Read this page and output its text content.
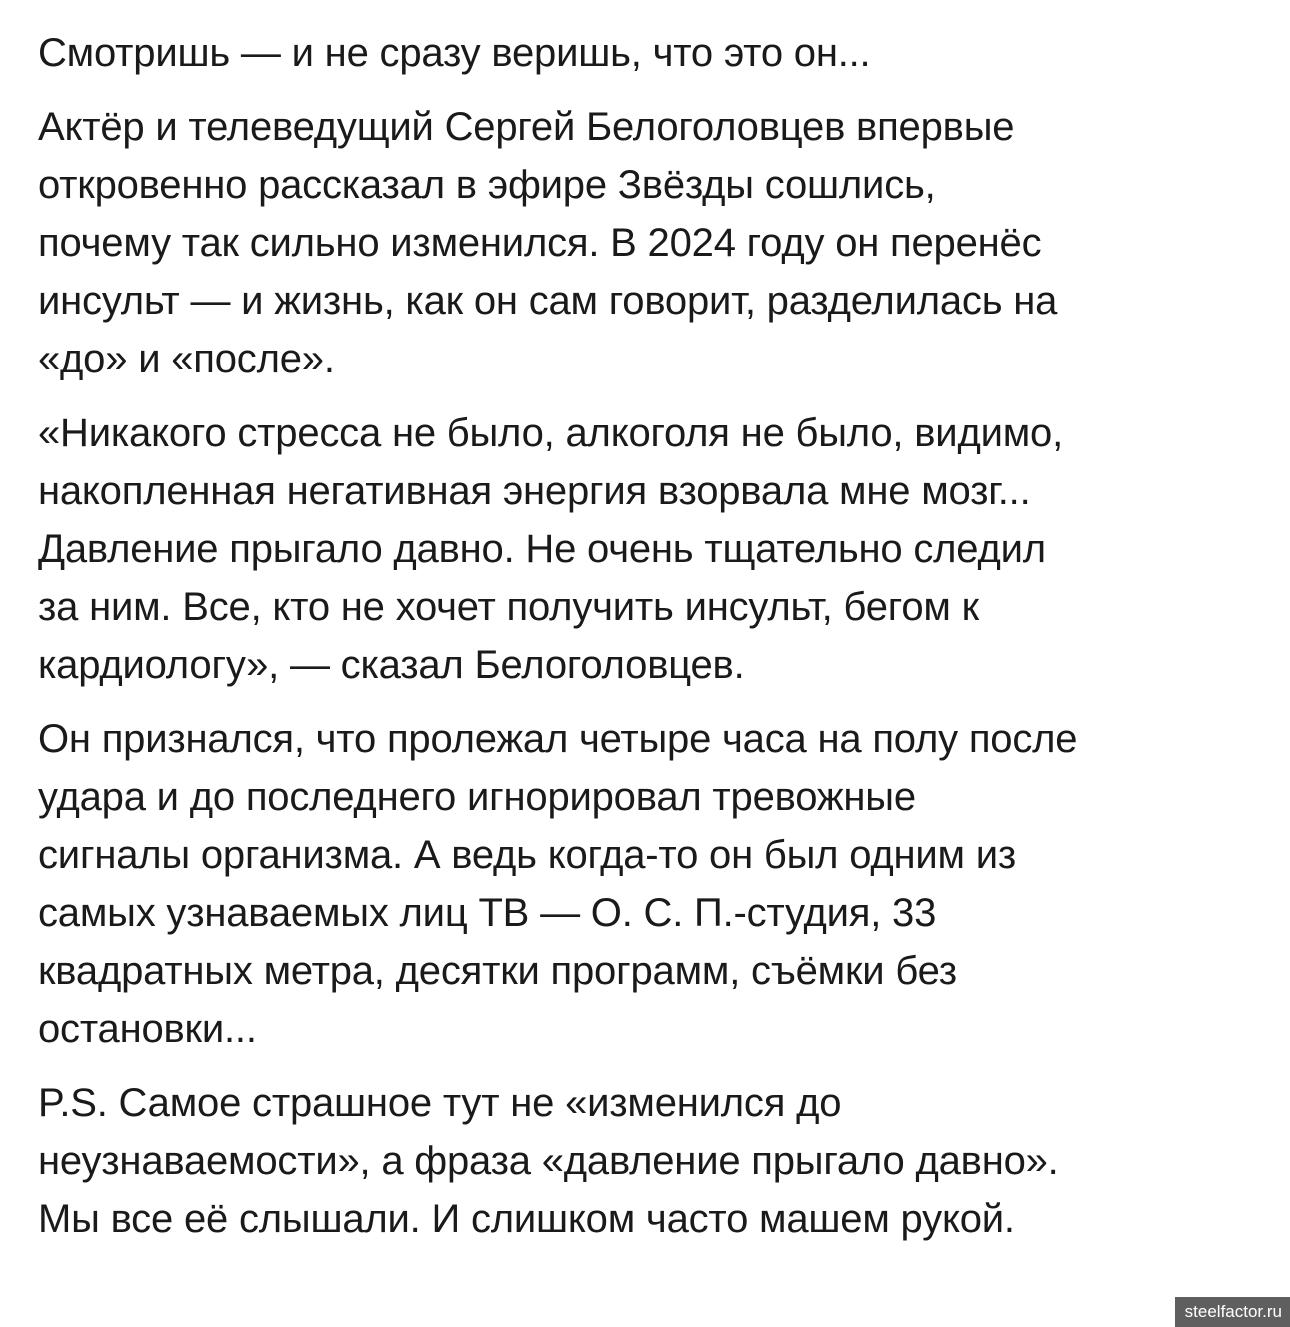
Смотришь — и не сразу веришь, что это он...

Актёр и телеведущий Сергей Белоголовцев впервые
откровенно рассказал в эфире Звёзды сошлись,
почему так сильно изменился. В 2024 году он перенёс
инсульт — и жизнь, как он сам говорит, разделилась на
«до» и «после».

«Никакого стресса не было, алкоголя не было, видимо,
накопленная негативная энергия взорвала мне мозг...
Давление прыгало давно. Не очень тщательно следил
за ним. Все, кто не хочет получить инсульт, бегом к
кардиологу», — сказал Белоголовцев.

Он признался, что пролежал четыре часа на полу после
удара и до последнего игнорировал тревожные
сигналы организма. А ведь когда-то он был одним из
самых узнаваемых лиц ТВ — О. С. П.-студия, 33
квадратных метра, десятки программ, съёмки без
остановки...

P.S. Самое страшное тут не «изменился до
неузнаваемости», а фраза «давление прыгало давно».
Мы все её слышали. И слишком часто машем рукой.

steelfactor.ru
